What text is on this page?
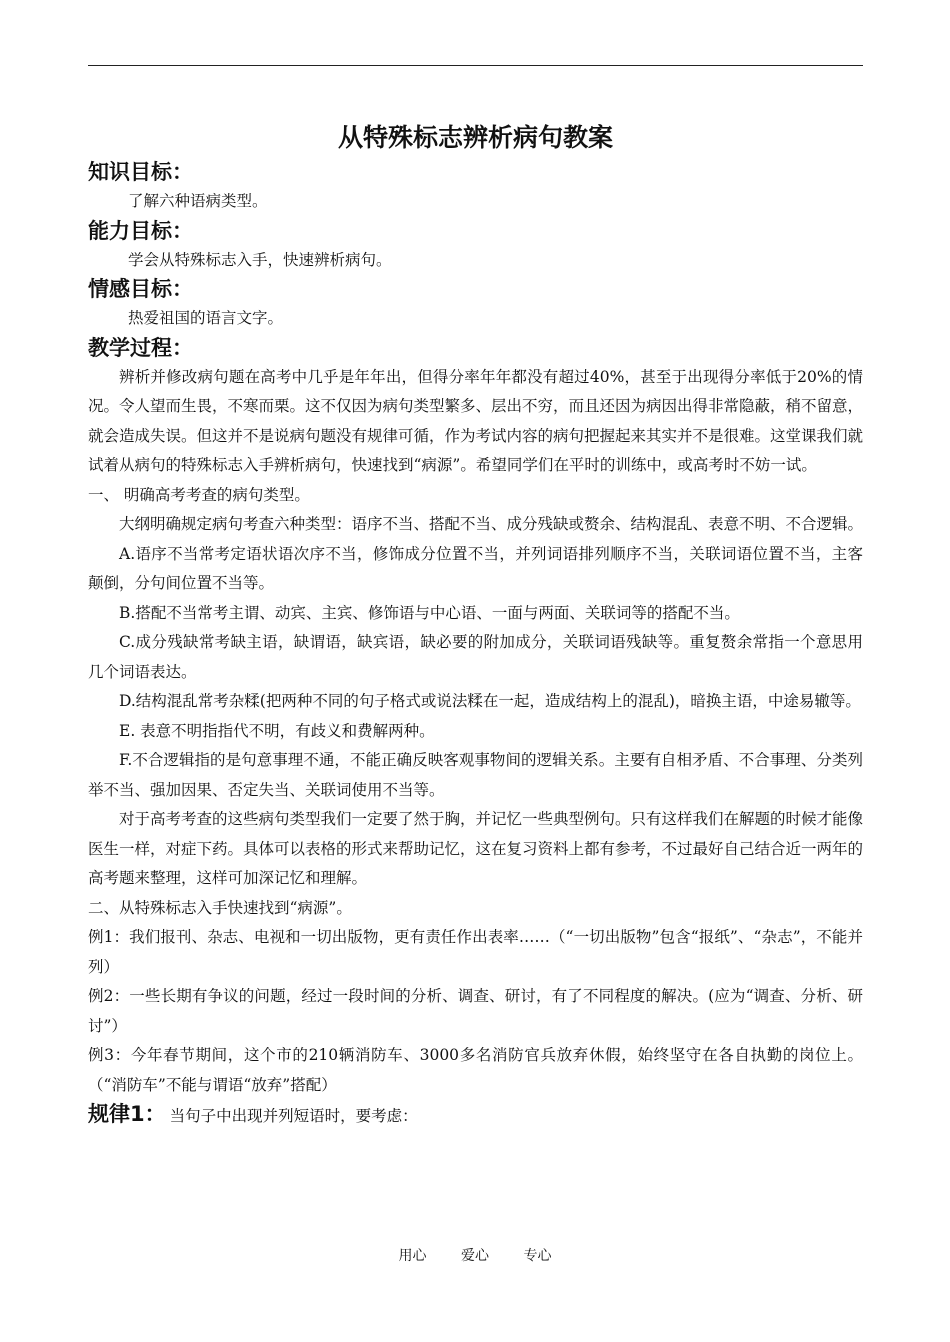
从特殊标志辨析病句教案
知识目标：

了解六种语病类型。

能力目标：

学会从特殊标志入手，快速辨析病句。

情感目标：

热爱祖国的语言文字。

教学过程：

辨析并修改病句题在高考中几乎是年年出，但得分率年年都没有超过40%，甚至于出现得分率低于20%的情况。令人望而生畏，不寒而栗。这不仅因为病句类型繁多、层出不穷，而且还因为病因出得非常隐蔽，稍不留意，就会造成失误。但这并不是说病句题没有规律可循，作为考试内容的病句把握起来其实并不是很难。这堂课我们就试着从病句的特殊标志入手辨析病句，快速找到“病源”。希望同学们在平时的训练中，或高考时不妨一试。

一、 明确高考考查的病句类型。

大纲明确规定病句考查六种类型：语序不当、搭配不当、成分残缺或赘余、结构混乱、表意不明、不合逻辑。

A.语序不当常考定语状语次序不当，修饰成分位置不当，并列词语排列顺序不当，关联词语位置不当，主客颠倒，分句间位置不当等。

B.搭配不当常考主谓、动宾、主宾、修饰语与中心语、一面与两面、关联词等的搭配不当。

C.成分残缺常考缺主语，缺谓语，缺宾语，缺必要的附加成分，关联词语残缺等。重复赘余常指一个意思用几个词语表达。

D.结构混乱常考杂糅(把两种不同的句子格式或说法糅在一起，造成结构上的混乱)，暗换主语，中途易辙等。

E. 表意不明指指代不明，有歧义和费解两种。

F.不合逻辑指的是句意事理不通，不能正确反映客观事物间的逻辑关系。主要有自相矛盾、不合事理、分类列举不当、强加因果、否定失当、关联词使用不当等。

对于高考考查的这些病句类型我们一定要了然于胸，并记忆一些典型例句。只有这样我们在解题的时候才能像医生一样，对症下药。具体可以表格的形式来帮助记忆，这在复习资料上都有参考，不过最好自己结合近一两年的高考题来整理，这样可加深记忆和理解。

二、从特殊标志入手快速找到“病源”。

例1：我们报刊、杂志、电视和一切出版物，更有责任作出表率……（“一切出版物”包含“报纸”、“杂志”，不能并列）

例2：一些长期有争议的问题，经过一段时间的分析、调查、研讨，有了不同程度的解决。(应为“调查、分析、研讨”）

例3：今年春节期间，这个市的210辆消防车、3000多名消防官兵放弃休假，始终坚守在各自执勤的岗位上。（“消防车”不能与谓语“放弃”搭配）

规律1： 当句子中出现并列短语时，要考虑：
用心 爱心 专心
